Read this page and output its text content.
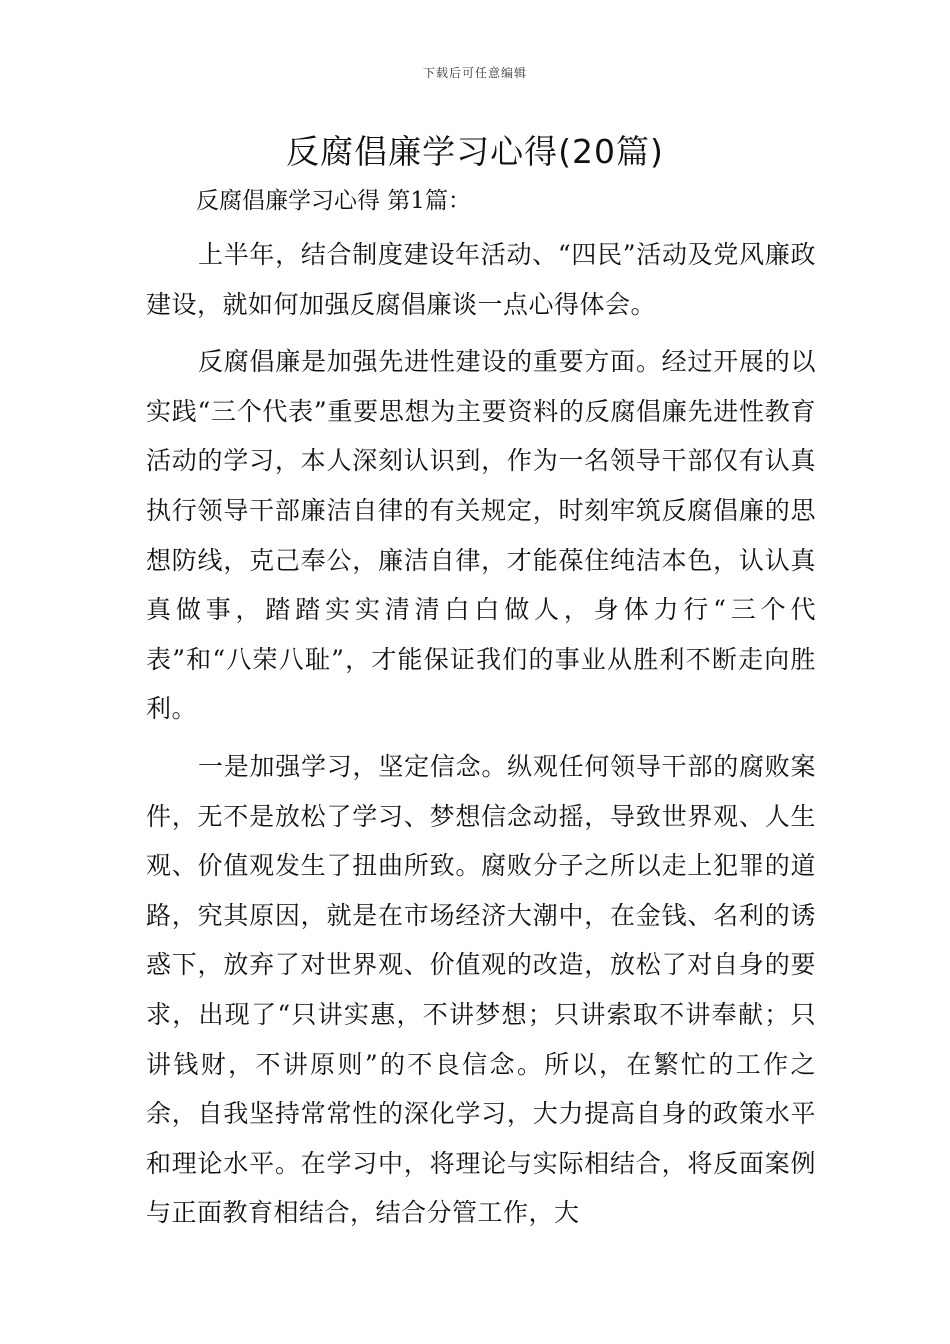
下载后可任意编辑
反腐倡廉学习心得(20篇)
反腐倡廉学习心得 第1篇：

上半年，结合制度建设年活动、“四民”活动及党风廉政建设，就如何加强反腐倡廉谈一点心得体会。

反腐倡廉是加强先进性建设的重要方面。经过开展的以实践“三个代表”重要思想为主要资料的反腐倡廉先进性教育活动的学习，本人深刻认识到，作为一名领导干部仅有认真执行领导干部廉洁自律的有关规定，时刻牢筑反腐倡廉的思想防线，克己奉公，廉洁自律，才能葆住纯洁本色，认认真真做事，踏踏实实清清白白做人，身体力行“三个代表”和“八荣八耻”，才能保证我们的事业从胜利不断走向胜利。

一是加强学习，坚定信念。纵观任何领导干部的腐败案件，无不是放松了学习、梦想信念动摇，导致世界观、人生观、价值观发生了扭曲所致。腐败分子之所以走上犯罪的道路，究其原因，就是在市场经济大潮中，在金钱、名利的诱惑下，放弃了对世界观、价值观的改造，放松了对自身的要求，出现了“只讲实惠，不讲梦想；只讲索取不讲奉献；只讲钱财，不讲原则”的不良信念。所以，在繁忙的工作之余，自我坚持常常性的深化学习，大力提高自身的政策水平和理论水平。在学习中，将理论与实际相结合，将反面案例与正面教育相结合，结合分管工作，大
